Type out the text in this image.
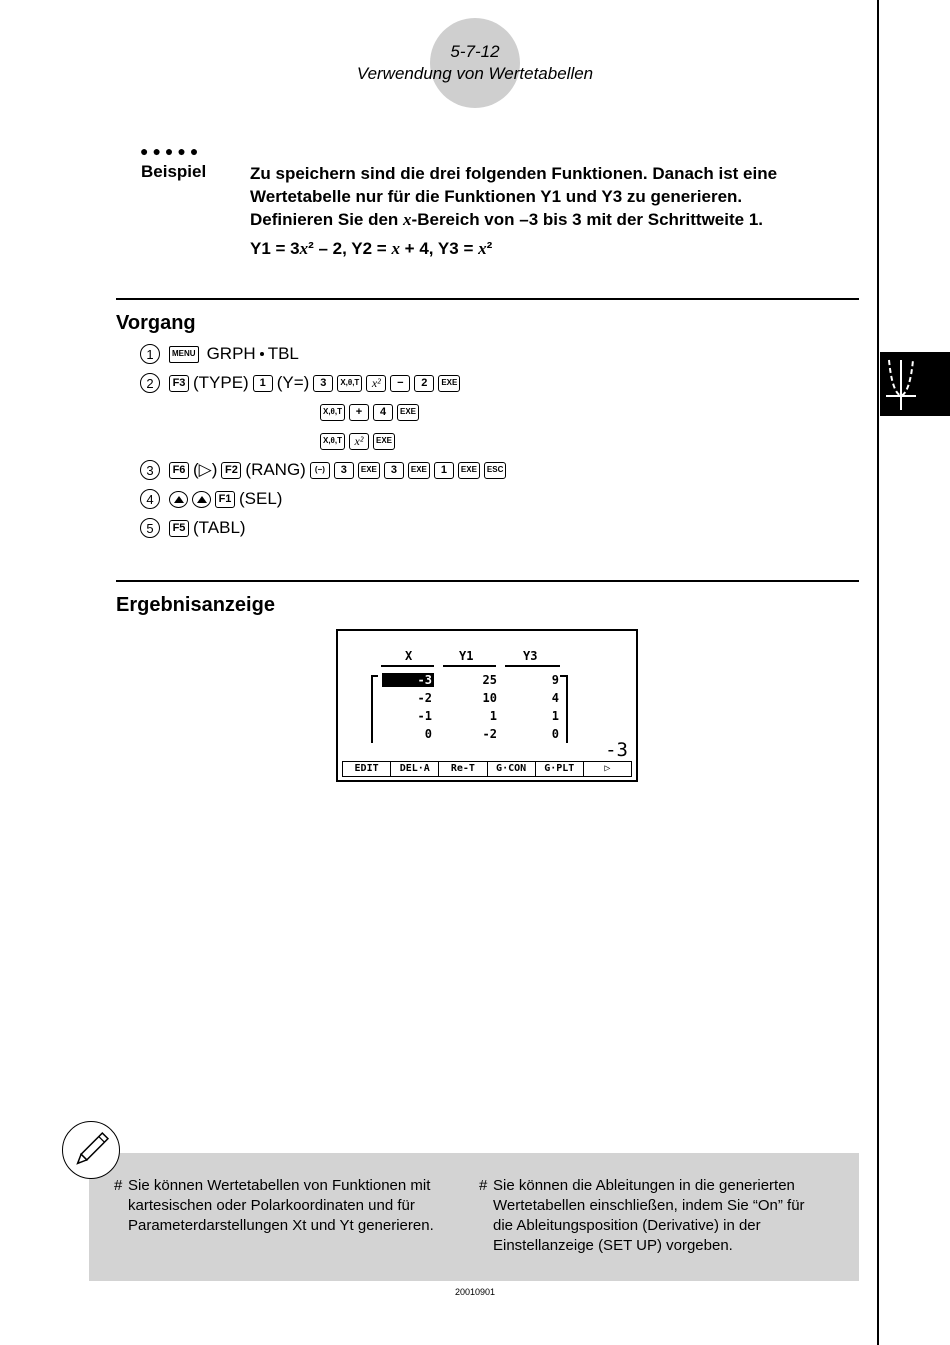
5-7-12
Verwendung von Wertetabellen
●●●●●
Beispiel	Zu speichern sind die drei folgenden Funktionen. Danach ist eine

Wertetabelle nur für die Funktionen Y1 und Y3 zu generieren.

Definieren Sie den x-Bereich von –3 bis 3 mit der Schrittweite 1.

Y1 = 3x² – 2, Y2 = x + 4, Y3 = x²

Vorgang
1	MENU GRPH TBL
2	F3 (TYPE) 1 (Y=) 3	X,θ,T	x²	−	2	EXE
X,θ,T	+	4	EXE
X,θ,T	x²	EXE
3	F6 (▷) F2 (RANG)	(−)	3	EXE	3	EXE	1	EXE	ESC
4	F1 (SEL)
5	F5 (TABL)
Ergebnisanzeige
X	Y1	Y3
-3	25	9
-2	10	4
-1	1	1
0	-2	0
-3
EDIT	DEL·A	Re-T	G·CON	G·PLT	▷
# Sie können Wertetabellen von Funktionen mit
kartesischen oder Polarkoordinaten und für
Parameterdarstellungen Xt und Yt generieren.
# Sie können die Ableitungen in die generierten
Wertetabellen einschließen, indem Sie “On” für
die Ableitungsposition (Derivative) in der
Einstellanzeige (SET UP) vorgeben.
20010901
